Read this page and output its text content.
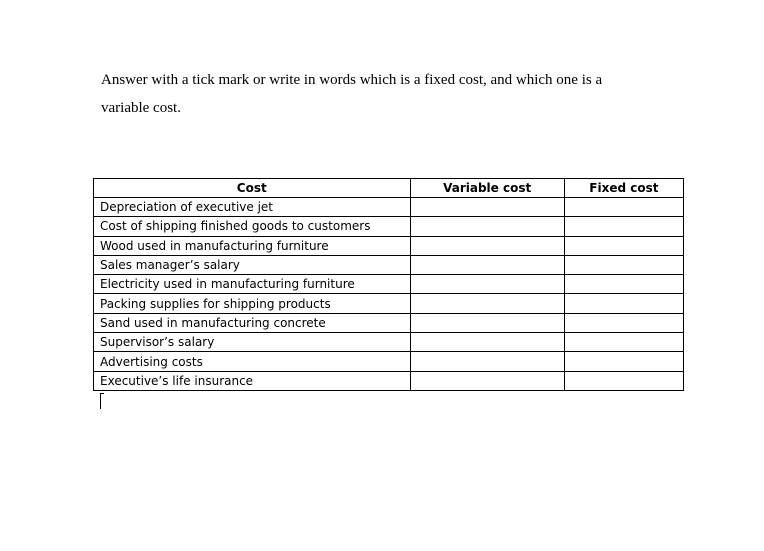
Answer with a tick mark or write in words which is a fixed cost, and which one is a
variable cost.

Cost	Variable cost	Fixed cost
Depreciation of executive jet		
Cost of shipping finished goods to customers		
Wood used in manufacturing furniture		
Sales manager’s salary		
Electricity used in manufacturing furniture		
Packing supplies for shipping products		
Sand used in manufacturing concrete		
Supervisor’s salary		
Advertising costs		
Executive’s life insurance		
